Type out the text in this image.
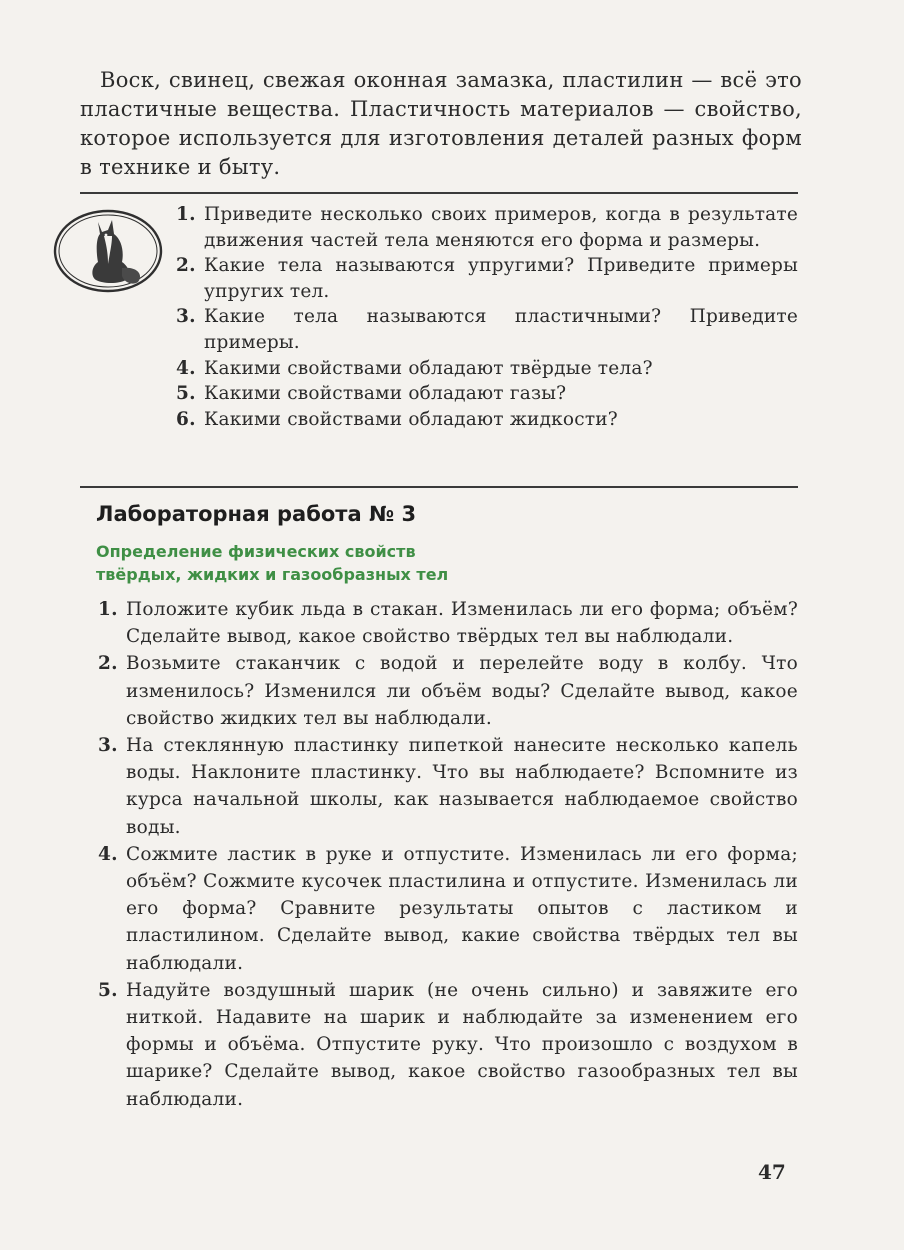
Воск, свинец, свежая оконная замазка, пластилин — всё это пластичные вещества. Пластичность материалов — свойство, которое используется для изготовления деталей разных форм в технике и быту.

1. Приведите несколько своих примеров, когда в результате движения частей тела меняются его форма и размеры.
2. Какие тела называются упругими? Приведите примеры упругих тел.
3. Какие тела называются пластичными? Приведите примеры.
4. Какими свойствами обладают твёрдые тела?
5. Какими свойствами обладают газы?
6. Какими свойствами обладают жидкости?
Лабораторная работа № 3

Определение физических свойств
твёрдых, жидких и газообразных тел

1. Положите кубик льда в стакан. Изменилась ли его форма; объём? Сделайте вывод, какое свойство твёрдых тел вы наблюдали.
2. Возьмите стаканчик с водой и перелейте воду в колбу. Что изменилось? Изменился ли объём воды? Сделайте вывод, какое свойство жидких тел вы наблюдали.
3. На стеклянную пластинку пипеткой нанесите несколько капель воды. Наклоните пластинку. Что вы наблюдаете? Вспомните из курса начальной школы, как называется наблюдаемое свойство воды.
4. Сожмите ластик в руке и отпустите. Изменилась ли его форма; объём? Сожмите кусочек пластилина и отпустите. Изменилась ли его форма? Сравните результаты опытов с ластиком и пластилином. Сделайте вывод, какие свойства твёрдых тел вы наблюдали.
5. Надуйте воздушный шарик (не очень сильно) и завяжите его ниткой. Надавите на шарик и наблюдайте за изменением его формы и объёма. Отпустите руку. Что произошло с воздухом в шарике? Сделайте вывод, какое свойство газообразных тел вы наблюдали.
47
